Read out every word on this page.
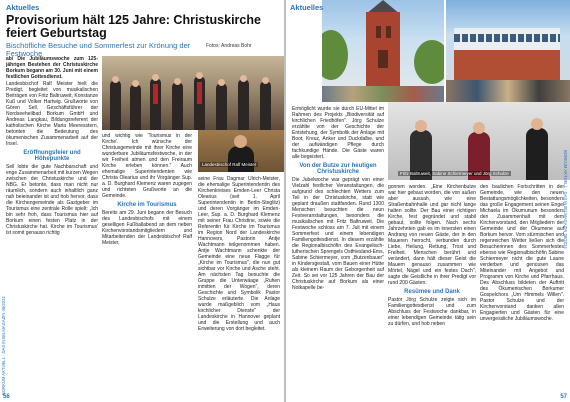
Aktuelles
Provisorium hält 125 Jahre: Christuskirche feiert Geburtstag
Bischöfliche Besuche und Sommerfest zur Krönung der Festwoche
Fotos: Andreas Bohr

ab/ Die Jubiläumswoche zum 125-jährigen Bestehen der Christuskirche Borkum begann am 30. Juni mit einem festlichen Gottesdienst.

Landesbischof Ralf Meister hielt die Predigt, begleitet von musikalischen Beiträgen von Fritz Baltruweit, Konstanze Kuß und Volker Hartwig. Grußworte von Gören Sell, Geschäftsführer der Nordseeheilbad Borkum GmbH und Andreas Langkau, Bildungsreferent der katholischen Kirche Maria Meeresstern, betonten die Bedeutung des ökumenischen Zusammenarbeit auf der Insel.

Eröffnungsfeier und Höhepunkte

Sell lobte die gute Nachbarschaft und enge Zusammenarbeit mit kurzen Wegen zwischen der Christuskirche und der NBG. Er betonte, dass man nicht nur räumlich, sondern auch inhaltlich ganz nah beieinander ist und hob hervor, dass die Kirchengemeinde als Gastgeber im Tourismus eine zentrale Rolle spielt: „Ich bin sehr froh, dass Tourismus hier auf Borkum einen festen Platz in der Christuskirche hat. Kirche im Tourismus' ist somit genauso richtig

und wichtig wie 'Tourismus in der Kirche'. Ich wünsche der Christusgemeinde mit ihrer Kirche eine wunderbare Jubiläumsfestwoche, in der wir Freiheit atmen und den Freiraum Kirche erleben können." Auch ehemalige Superintendenten wie Christa Olearius und ihr Vorgänger Sup. a. D. Burghard Klemenz waren zugegen und richteten Grußworte an die Gemeinde.

Kirche im Tourismus

Bereits am 29. Juni begann der Besuch des Landesbischofs mit einem geselligen Fußballabend an dem neben Kirchenvorstandsmitgliedern und Mitarbeitenden der Landesbischof Ralf Meister,

Landesbischof Ralf Meister

seine Frau Dagmar Ulrich-Meister, die ehemalige Superintendentin des Kirchenkreises Emden-Leer Christa Olearius (seit 1. April Superintendentin in Berlin-Steglitz) und deren Vorgänger im Emden-Leer, Sup. a. D. Burghard Klemenz mit seiner Frau Christine, sowie die Referentin für Kirche im Tourismus im Region Nord der Landeskirche Hannovers, Pastorin Antje Wachtmann teilgenommen haben. Antje Wachtmann schenkte der Gemeinde eine neue Flagge für „Kirche im Tourismus", die nun gut sichtbar vor Kirche und Asche steht. Am nächsten Tag besuchte die Gruppe die Unterwäage „Ruhen inmitten der Wogen", deren Geschichte und Symbolik Pastor Schulze erläuterte. Die Anlage wurde maßgeblich vom „Haus kirchlicher Dienste" der Landeskirche in Hannover geplant und die Erstellung und auch Erweiterung von dort begleitet.

BORKUM AKTUELL · DAS INSELMAGAZIN 08/2024
56
Aktuelles

Ermöglicht wurde sie durch EU-Mittel im Rahmen des Projekts „Biodiversität auf kirchlichen Friedhöfen". Jörg Schulze erzählte von der Geschichte der Entstehung, der Symbolik der Anlage mit Boot, Kreuz, Anker und Duckdalbe, und der aufwändigen Pflege durch fachkundige Hände. Die Gäste waren alle begeistert.

Von der Butze zur heutigen Christuskirche

Die Jubelwoche war geprägt von einer Vielzahl festlicher Veranstaltungen, die aufgrund des schlechten Wetters zum Teil in der Christuskirche, statt wie geplant draußen stattfanden. Rund 1300 Menschen besuchten die neun Festveranstaltungen, besonders die musikalischen mit Fritz Baltruweit. Die Festwoche schloss am 7. Juli mit einem Sommerfest und einem lebendigen Familiengottesdienst. In diesem erzählte die Regionalbischöfin des Evangelisch-lutherischen Sprengels Ostfriesland-Ems, Sabine Schiermeyer, vom „Butzenbauer" in Kindersgestalt, vom Bauen einer Hütte als kleinem Raum der Geborgenheit auf Zeit. So sei vor 125 Jahren der Bau der Christuskirche auf Borkum als einer Notkapelle be-

Fritz Baltruweit, Sabine Schiermeyer und Jörg Schulze

gonnen worden. „Eine Kirchenbutze war hier gebaut worden, die von außen aber aussah, wie eine Straßenbahnhalle und gar nicht lange halten sollte. Der Bau einer richtigen Kirche, fest gegründet und stabil gebaut, sollte folgen. Nach sechs Jahrzehnten gab es im innersten einen Andrang von neuen Gäste, der in den Maueren herrscht, verbunden durch Liebe, Heilung, Rettung, Trost und Freiheit. Menschen berührt und verändert, dann hält dieser Geist die Mauern genauso zusammen wie Mörtel, Nägel und ein festes Dach", sagte die Geistliche in ihrer Predigt vor rund 200 Gästen.

Resümee und Dank

Pastor Jörg Schulze zeigte sich im Familiengottesdienst und zum Abschluss der Festwoche dankbar, in einer lebendigen Gemeinde tätig sein zu dürfen, und hob neben

den baulichen Fortschritten in der Gemeinde, wie den neuen Bestattungsmöglichkeiten, besonders das große Engagement seinen Engel Michaela im Ökumunum besonders den Zusammenhalt mit dem Kirchenvorstand, den Mitgliedern der Gemeinde und der Ökumene auf Borkum hervor. Vom stürmischen und regenreichen Wetter ließen sich die Besucherinnen des Sommerfestes ebenso wie Regionalbischöfin Sabine Schiermeyer nicht die gute Laune verderben und genossen das Miteinander mit Angebot und Programm von Kirche und Pfarrhaus. Des Abschluss bildeten der Auftritt des Ökumenischen Borkumer Gospelchors „Um Himmels Willen". Pastor Schulze und der Kirchenvorstand danken allen Engagierten und Gästen für eine unvergessliche Jubiläumswoche.

BORKUM AKTUELL · DAS INSELMAGAZIN 08/2024
57
